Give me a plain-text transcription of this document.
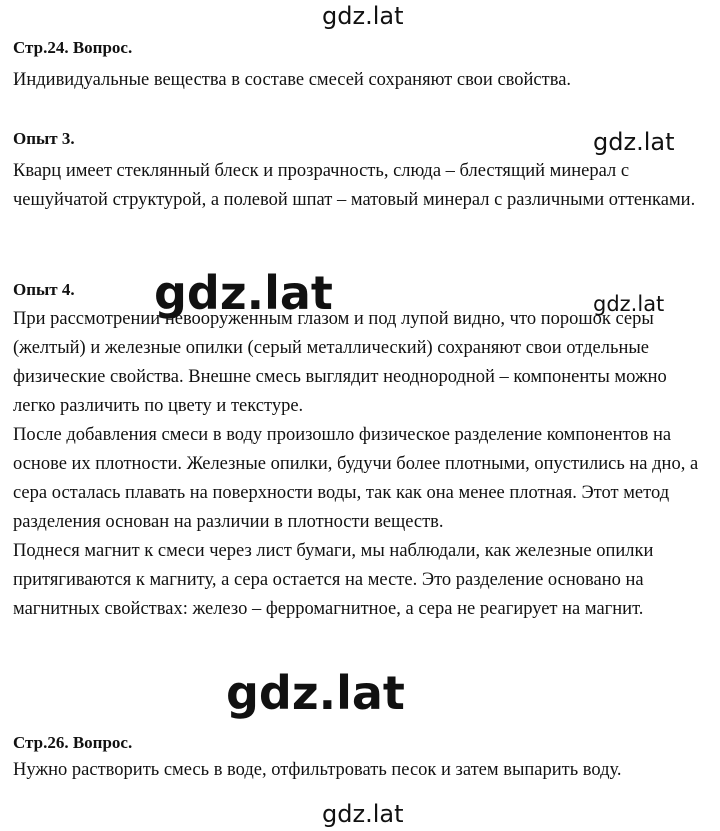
Стр.24. Вопрос.

Индивидуальные вещества в составе смесей сохраняют свои свойства.

Опыт 3.

Кварц имеет стеклянный блеск и прозрачность, слюда – блестящий минерал с чешуйчатой структурой, а полевой шпат – матовый минерал с различными оттенками.

Опыт 4.

При рассмотрении невооруженным глазом и под лупой видно, что порошок серы (желтый) и железные опилки (серый металлический) сохраняют свои отдельные физические свойства. Внешне смесь выглядит неоднородной – компоненты можно легко различить по цвету и текстуре.

После добавления смеси в воду произошло физическое разделение компонентов на основе их плотности. Железные опилки, будучи более плотными, опустились на дно, а сера осталась плавать на поверхности воды, так как она менее плотная. Этот метод разделения основан на различии в плотности веществ.

Поднеся магнит к смеси через лист бумаги, мы наблюдали, как железные опилки притягиваются к магниту, а сера остается на месте. Это разделение основано на магнитных свойствах: железо – ферромагнитное, а сера не реагирует на магнит.

Стр.26. Вопрос.

Нужно растворить смесь в воде, отфильтровать песок и затем выпарить воду.

gdz.lat
gdz.lat
gdz.lat	gdz.lat
gdz.lat
gdz.lat
